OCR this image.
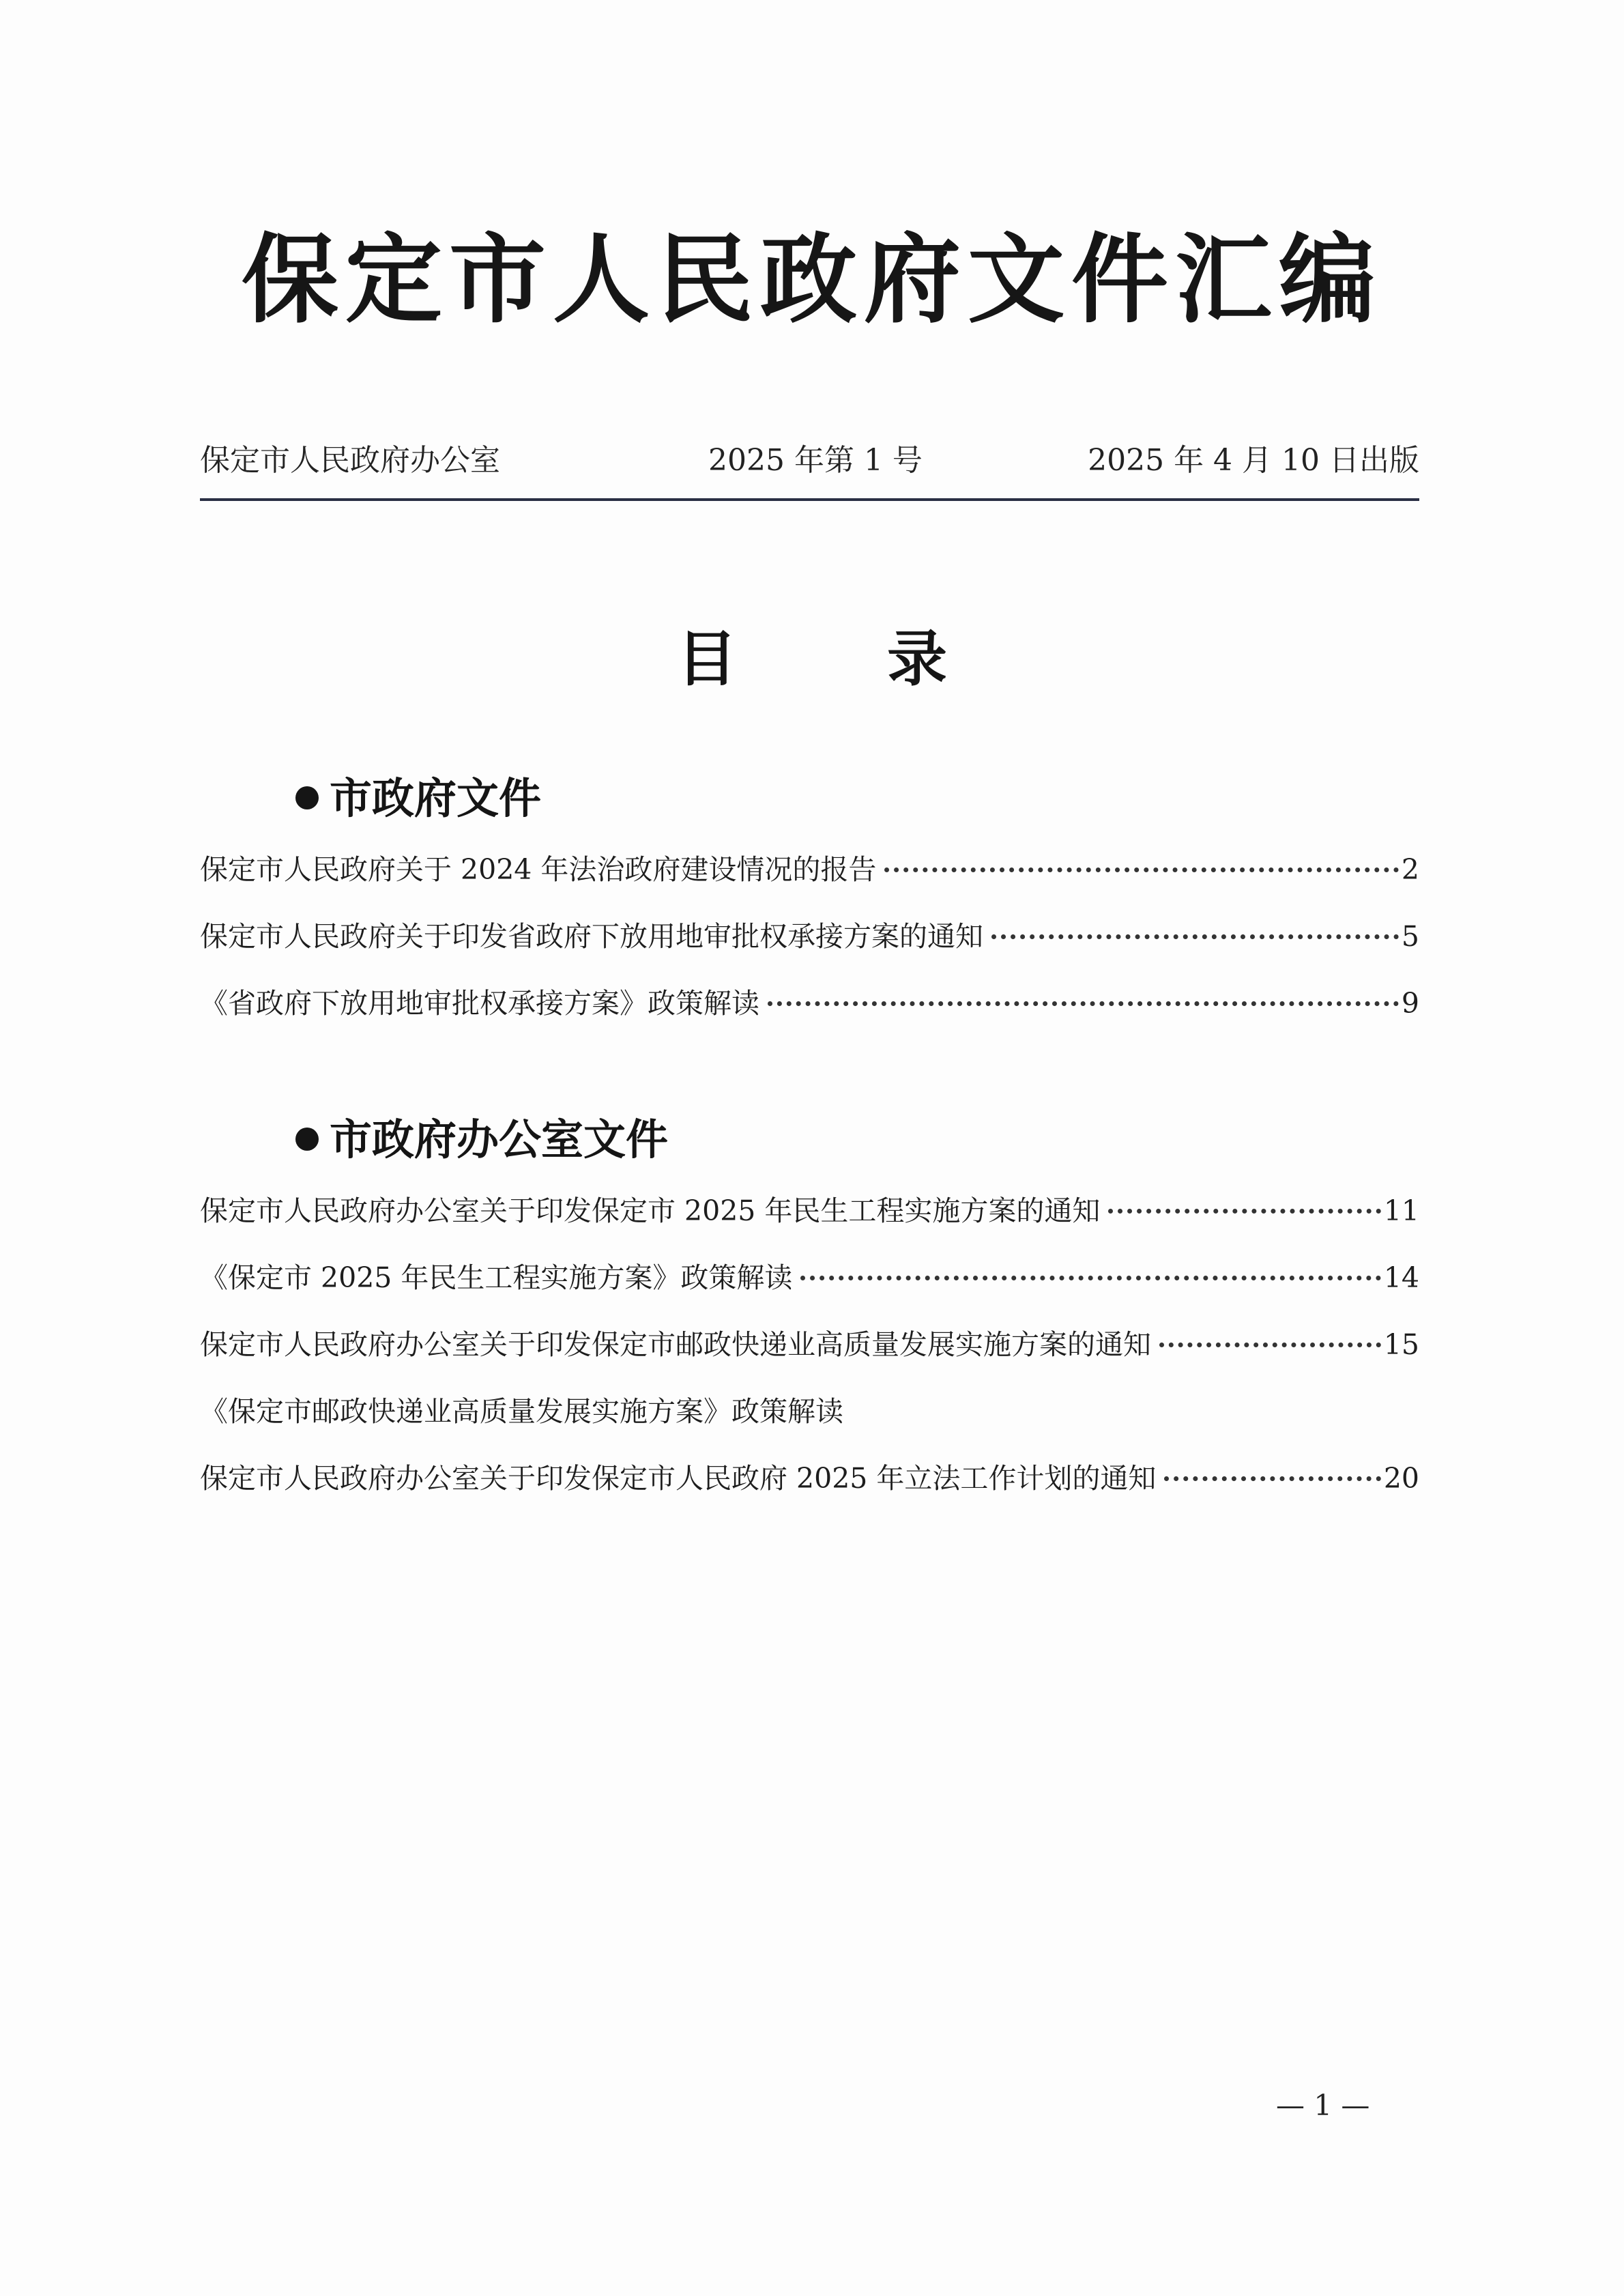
保定市人民政府文件汇编
保定市人民政府办公室	2025 年第 1 号	2025 年 4 月 10 日出版
目	录
市政府文件
保定市人民政府关于 2024 年法治政府建设情况的报告	2
保定市人民政府关于印发省政府下放用地审批权承接方案的通知	5
《省政府下放用地审批权承接方案》政策解读	9
市政府办公室文件
保定市人民政府办公室关于印发保定市 2025 年民生工程实施方案的通知	11
《保定市 2025 年民生工程实施方案》政策解读	14
保定市人民政府办公室关于印发保定市邮政快递业高质量发展实施方案的通知	15
《保定市邮政快递业高质量发展实施方案》政策解读
保定市人民政府办公室关于印发保定市人民政府 2025 年立法工作计划的通知	20
— 1 —
